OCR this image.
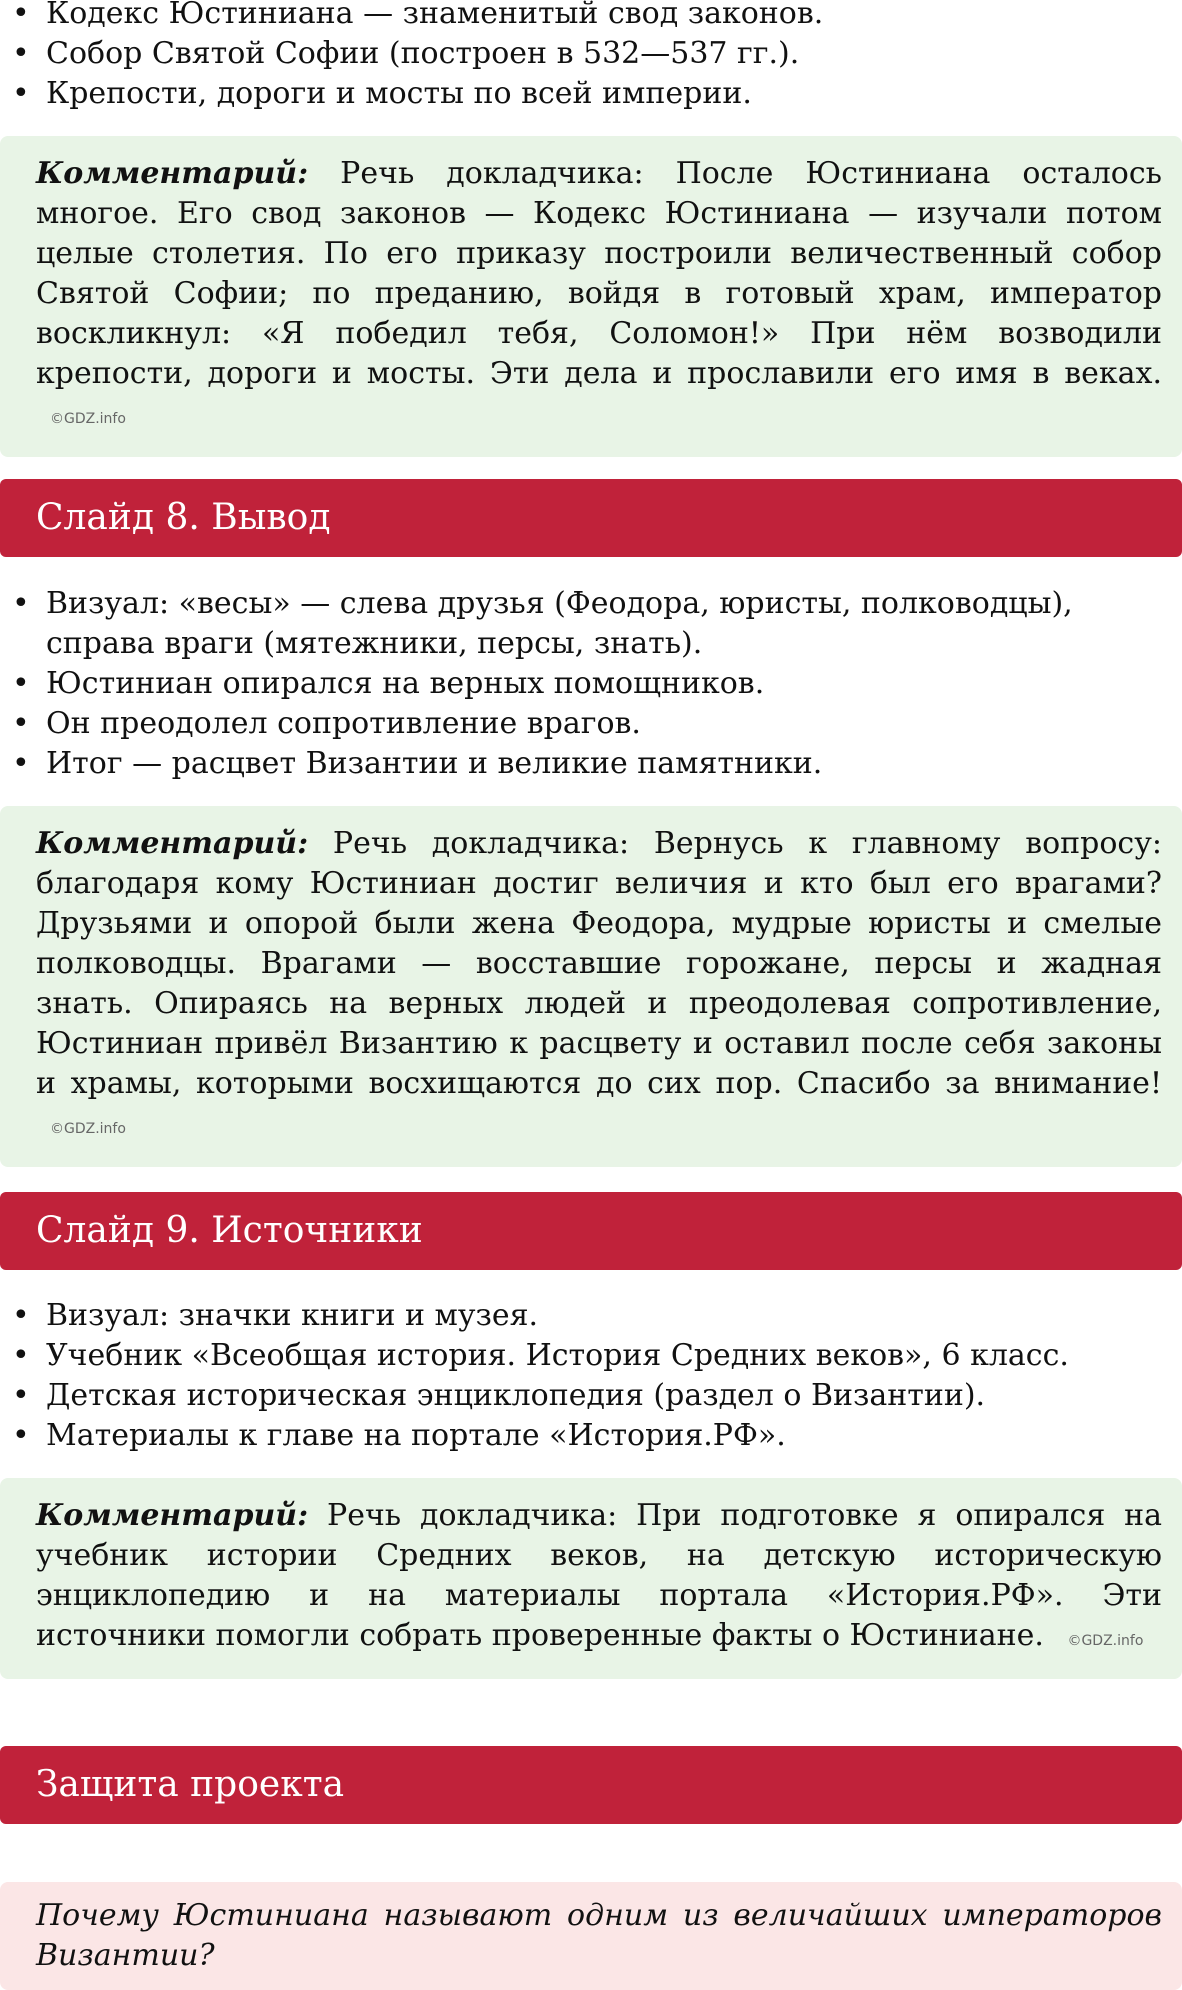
• Кодекс Юстиниана — знаменитый свод законов.
• Собор Святой Софии (построен в 532—537 гг.).
• Крепости, дороги и мосты по всей империи.
Комментарий: Речь докладчика: После Юстиниана осталось многое. Его свод законов — Кодекс Юстиниана — изучали потом целые столетия. По его приказу построили величественный собор Святой Софии; по преданию, войдя в готовый храм, император воскликнул: «Я победил тебя, Соломон!» При нём возводили крепости, дороги и мосты. Эти дела и прославили его имя в веках. ©GDZ.info
Слайд 8. Вывод
• Визуал: «весы» — слева друзья (Феодора, юристы, полководцы), справа враги (мятежники, персы, знать).
• Юстиниан опирался на верных помощников.
• Он преодолел сопротивление врагов.
• Итог — расцвет Византии и великие памятники.
Комментарий: Речь докладчика: Вернусь к главному вопросу: благодаря кому Юстиниан достиг величия и кто был его врагами? Друзьями и опорой были жена Феодора, мудрые юристы и смелые полководцы. Врагами — восставшие горожане, персы и жадная знать. Опираясь на верных людей и преодолевая сопротивление, Юстиниан привёл Византию к расцвету и оставил после себя законы и храмы, которыми восхищаются до сих пор. Спасибо за внимание! ©GDZ.info
Слайд 9. Источники
• Визуал: значки книги и музея.
• Учебник «Всеобщая история. История Средних веков», 6 класс.
• Детская историческая энциклопедия (раздел о Византии).
• Материалы к главе на портале «История.РФ».
Комментарий: Речь докладчика: При подготовке я опирался на учебник истории Средних веков, на детскую историческую энциклопедию и на материалы портала «История.РФ». Эти источники помогли собрать проверенные факты о Юстиниане. ©GDZ.info
Защита проекта
Почему Юстиниана называют одним из величайших императоров Византии?
